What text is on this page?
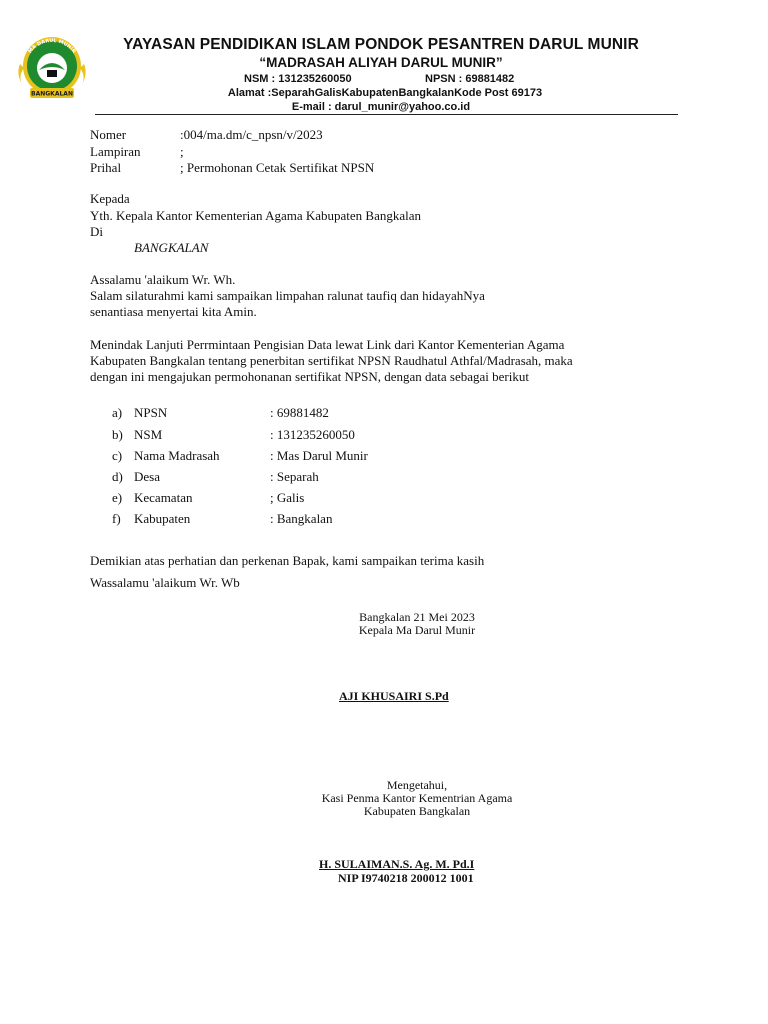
MA DARUL MUNIR
BANGKALAN
YAYASAN PENDIDIKAN ISLAM PONDOK PESANTREN DARUL MUNIR
“MADRASAH ALIYAH DARUL MUNIR”
NSM : 131235260050	NPSN : 69881482
Alamat :SeparahGalisKabupatenBangkalanKode Post 69173
E-mail : darul_munir@yahoo.co.id
Nomer	:004/ma.dm/c_npsn/v/2023
Lampiran	;
Prihal	; Permohonan Cetak Sertifikat NPSN
Kepada
Yth. Kepala Kantor Kementerian Agama Kabupaten Bangkalan
Di
BANGKALAN
Assalamu 'alaikum Wr. Wh.
Salam silaturahmi kami sampaikan limpahan ralunat taufiq dan hidayahNya
senantiasa menyertai kita Amin.
Menindak Lanjuti Perrmintaan Pengisian Data lewat Link dari Kantor Kementerian Agama
Kabupaten Bangkalan tentang penerbitan sertifikat NPSN Raudhatul Athfal/Madrasah, maka
dengan ini mengajukan permohonanan sertifikat NPSN, dengan data sebagai berikut
a) NPSN	: 69881482
b) NSM	: 131235260050
c) Nama Madrasah	: Mas Darul Munir
d) Desa	: Separah
e) Kecamatan	; Galis
f) Kabupaten	: Bangkalan
Demikian atas perhatian dan perkenan Bapak, kami sampaikan terima kasih
Wassalamu 'alaikum Wr. Wb
Bangkalan 21 Mei 2023
Kepala Ma Darul Munir
AJI KHUSAIRI S.Pd
Mengetahui,
Kasi Penma Kantor Kementrian Agama
Kabupaten Bangkalan
H. SULAIMAN.S. Ag. M. Pd.I
NIP I9740218 200012 1001
